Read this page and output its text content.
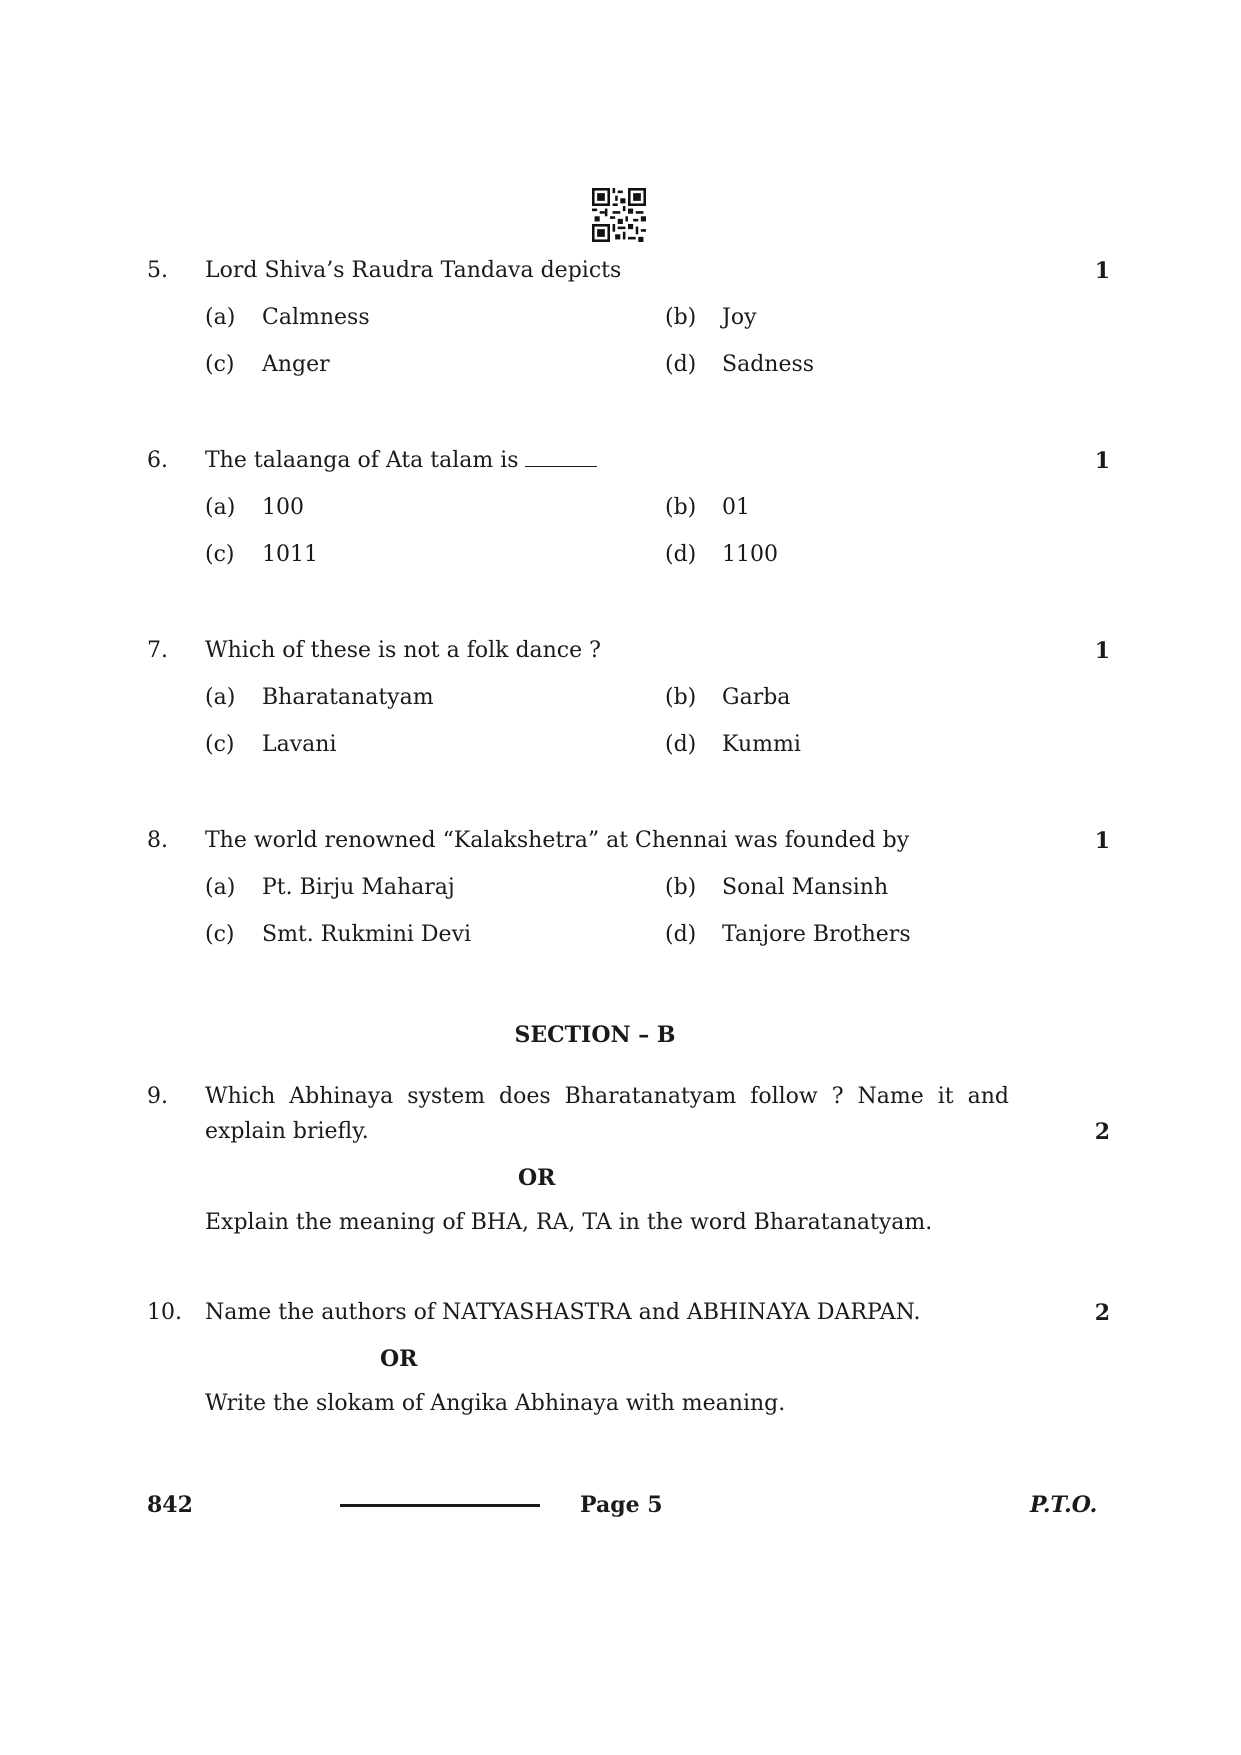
5. Lord Shiva’s Raudra Tandava depicts	1
(a) Calmness	(b) Joy
(c) Anger	(d) Sadness
6. The talaanga of Ata talam is	1
(a) 100	(b) 01
(c) 1011	(d) 1100
7. Which of these is not a folk dance ?	1
(a) Bharatanatyam	(b) Garba
(c) Lavani	(d) Kummi
8. The world renowned “Kalakshetra” at Chennai was founded by	1
(a) Pt. Birju Maharaj	(b) Sonal Mansinh
(c) Smt. Rukmini Devi	(d) Tanjore Brothers
SECTION – B
9. Which  Abhinaya  system  does  Bharatanatyam  follow  ?  Name  it  and
explain briefly.	2
OR
Explain the meaning of BHA, RA, TA in the word Bharatanatyam.
10. Name the authors of NATYASHASTRA and ABHINAYA DARPAN.	2
OR
Write the slokam of Angika Abhinaya with meaning.
842	Page 5	P.T.O.
